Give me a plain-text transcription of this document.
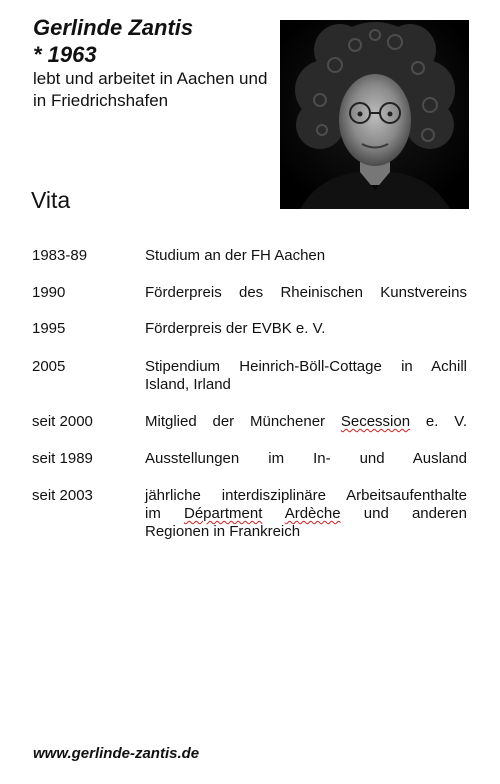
Gerlinde Zantis
* 1963
lebt und arbeitet in Aachen und in Friedrichshafen
Vita
1983-89	Studium an der FH Aachen
1990	Förderpreis des Rheinischen Kunstvereins
1995	Förderpreis der EVBK e. V.
2005	Stipendium Heinrich-Böll-Cottage in Achill
Island, Irland
seit 2000	Mitglied der Münchener Secession e. V.
seit 1989	Ausstellungen im In- und Ausland
seit 2003	jährliche interdisziplinäre Arbeitsaufenthalte
im Départment Ardèche und anderen
Regionen in Frankreich
www.gerlinde-zantis.de
